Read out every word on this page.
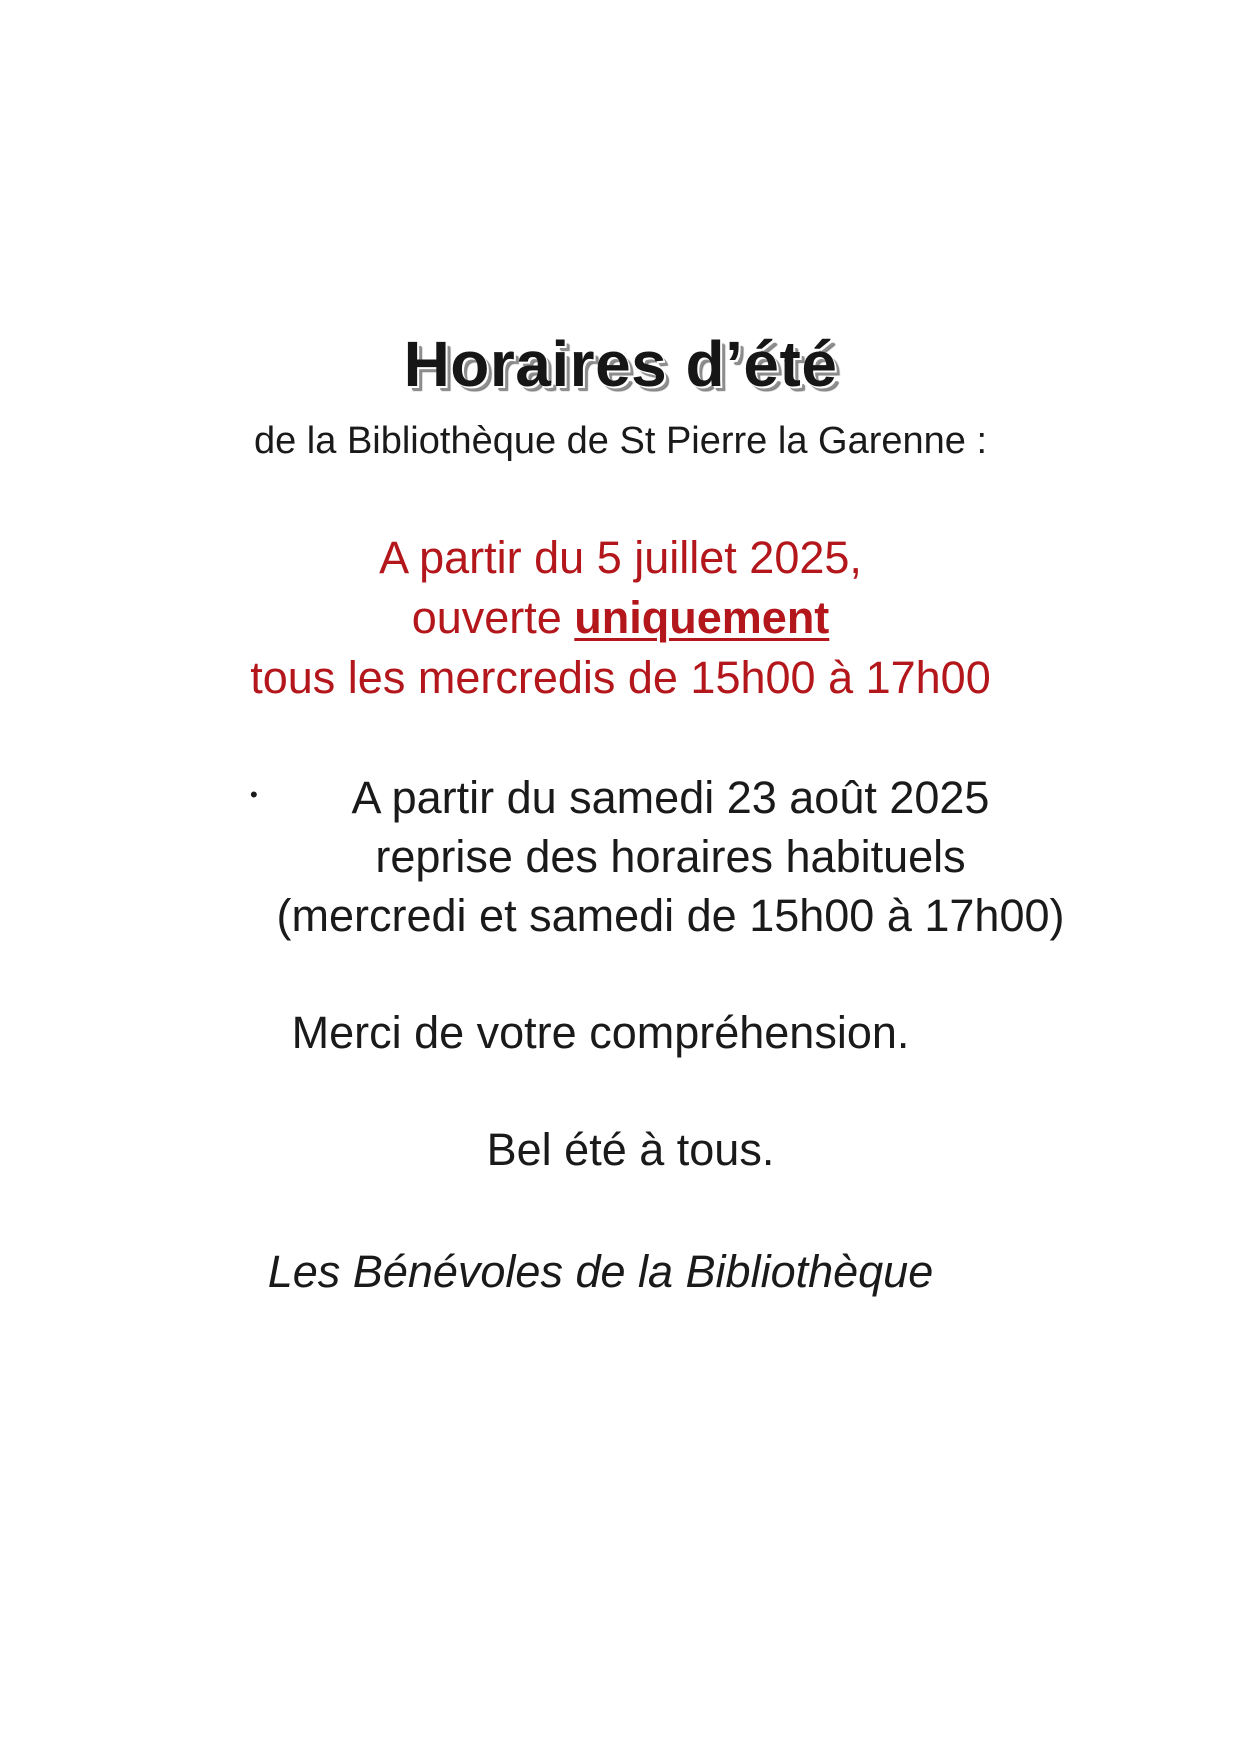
Horaires d’été
de la Bibliothèque de St Pierre la Garenne :
A partir du 5 juillet 2025,
ouverte uniquement
tous les mercredis de 15h00 à 17h00
•	A partir du samedi 23 août 2025
reprise des horaires habituels
(mercredi et samedi de 15h00 à 17h00)
Merci de votre compréhension.
Bel été à tous.
Les Bénévoles de la Bibliothèque
